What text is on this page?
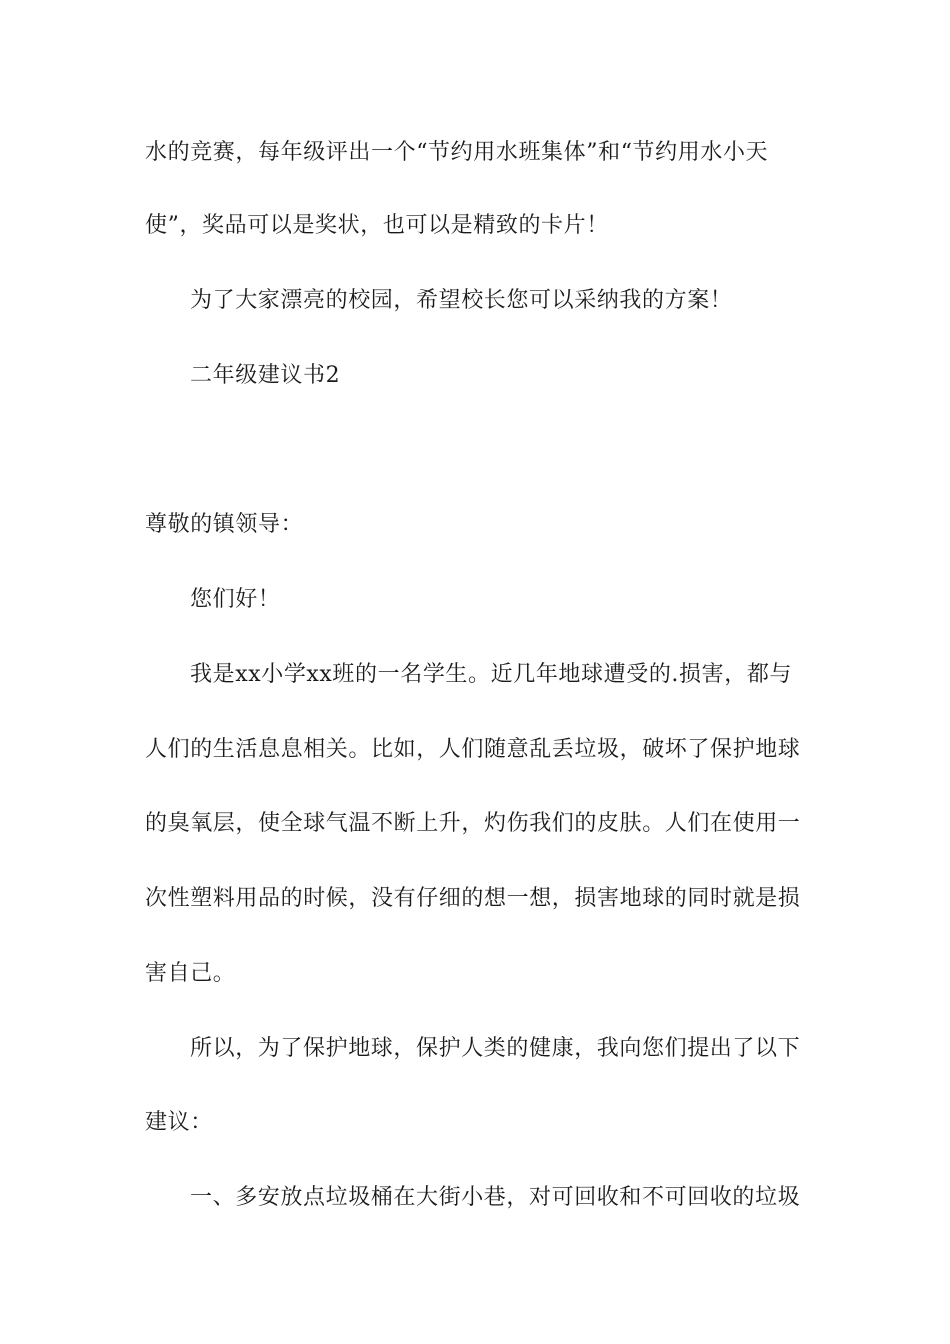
水的竞赛，每年级评出一个“节约用水班集体”和“节约用水小天
使”，奖品可以是奖状，也可以是精致的卡片！
为了大家漂亮的校园，希望校长您可以采纳我的方案！
二年级建议书2
尊敬的镇领导：
您们好！
我是xx小学xx班的一名学生。近几年地球遭受的.损害，都与
人们的生活息息相关。比如，人们随意乱丢垃圾，破坏了保护地球
的臭氧层，使全球气温不断上升，灼伤我们的皮肤。人们在使用一
次性塑料用品的时候，没有仔细的想一想，损害地球的同时就是损
害自己。
所以，为了保护地球，保护人类的健康，我向您们提出了以下
建议：
一、多安放点垃圾桶在大街小巷，对可回收和不可回收的垃圾
